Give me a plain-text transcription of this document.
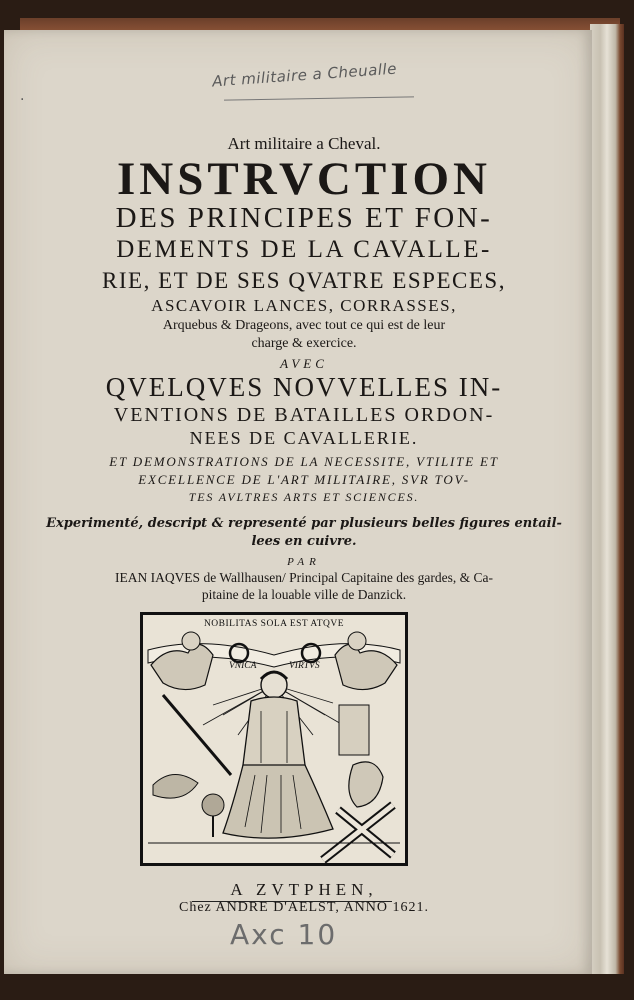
·
Art militaire a Cheualle
Art militaire a Cheval.
INSTRVCTION
DES PRINCIPES ET FON-
DEMENTS DE LA CAVALLE-
RIE, ET DE SES QVATRE ESPECES,
ASCAVOIR LANCES, CORRASSES,
Arquebus & Drageons, avec tout ce qui est de leur
charge & exercice.
AVEC
QVELQVES NOVVELLES IN-
VENTIONS DE BATAILLES ORDON-
NEES DE CAVALLERIE.
ET DEMONSTRATIONS DE LA NECESSITE, VTILITE ET
EXCELLENCE DE L'ART MILITAIRE, SVR TOV-
TES AVLTRES ARTS ET SCIENCES.
Experimenté, descript & representé par plusieurs belles figures entail-
lees en cuivre.
PAR
IEAN IAQVES de Wallhausen/ Principal Capitaine des gardes, & Ca-
pitaine de la louable ville de Danzick.
NOBILITAS SOLA EST ATQVE
VNICA	VIRTVS
A ZVTPHEN,
Chez ANDRE D'AELST, ANNO 1621.
Axc 10
